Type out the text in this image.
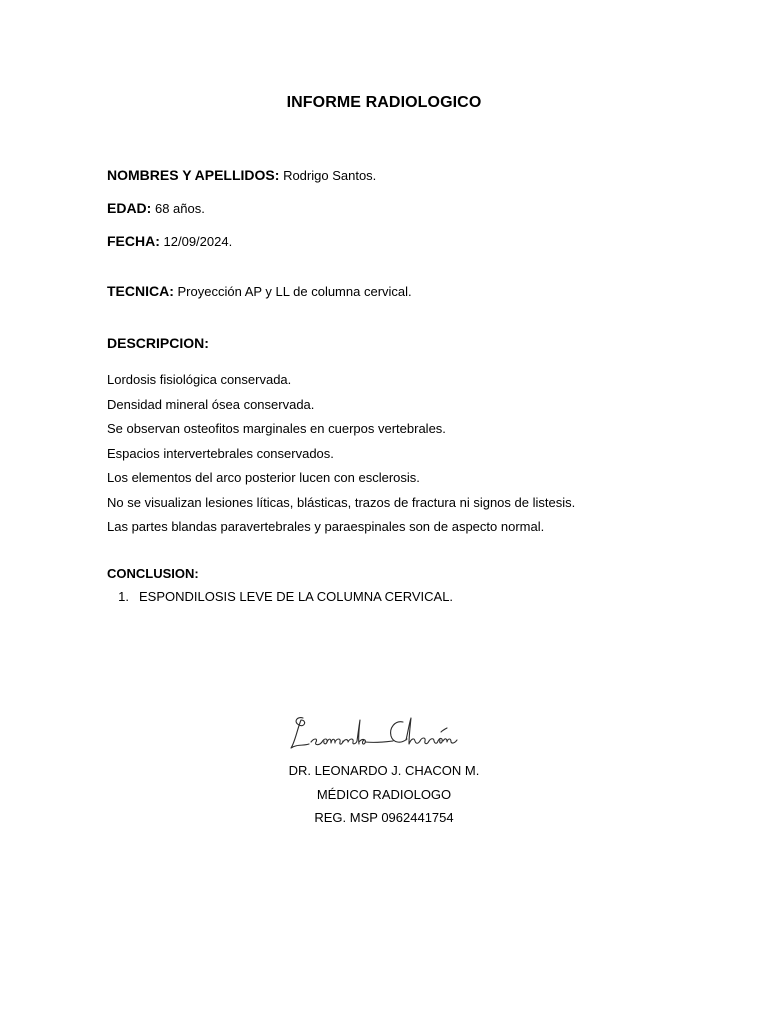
INFORME RADIOLOGICO
NOMBRES Y APELLIDOS: Rodrigo Santos.
EDAD: 68 años.
FECHA: 12/09/2024.
TECNICA: Proyección AP y LL de columna cervical.
DESCRIPCION:
Lordosis fisiológica conservada.
Densidad mineral ósea conservada.
Se observan osteofitos marginales en cuerpos vertebrales.
Espacios intervertebrales conservados.
Los elementos del arco posterior lucen con esclerosis.
No se visualizan lesiones líticas, blásticas, trazos de fractura ni signos de listesis.
Las partes blandas paravertebrales y paraespinales son de aspecto normal.
CONCLUSION:
1. ESPONDILOSIS LEVE DE LA COLUMNA CERVICAL.
DR. LEONARDO J. CHACON M.
MÉDICO RADIOLOGO
REG. MSP 0962441754
